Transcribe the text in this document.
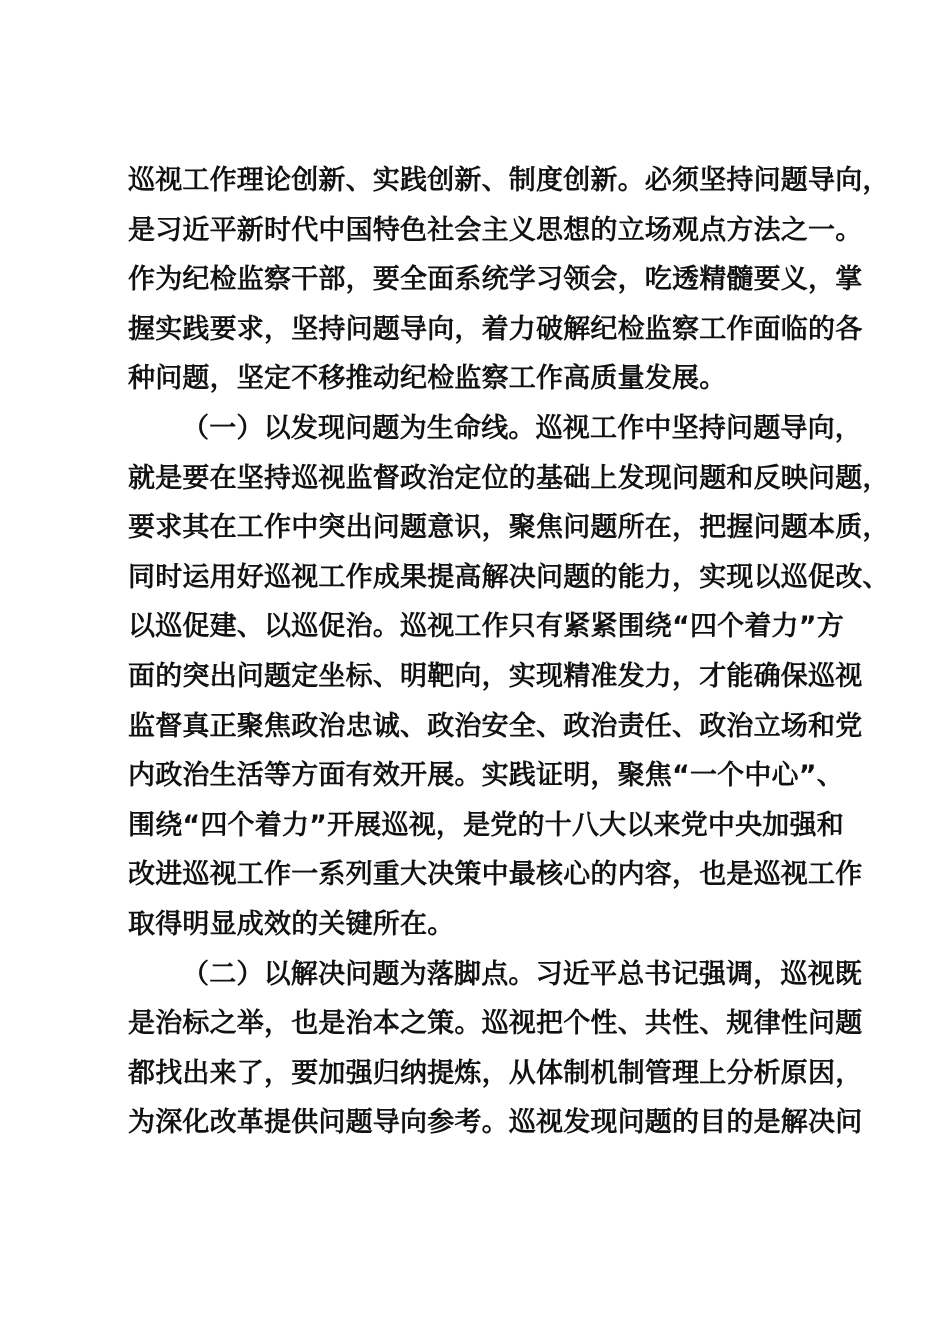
巡视工作理论创新、实践创新、制度创新。必须坚持问题导向，
是习近平新时代中国特色社会主义思想的立场观点方法之一。
作为纪检监察干部，要全面系统学习领会，吃透精髓要义，掌
握实践要求，坚持问题导向，着力破解纪检监察工作面临的各
种问题，坚定不移推动纪检监察工作高质量发展。
（一）以发现问题为生命线。巡视工作中坚持问题导向，
就是要在坚持巡视监督政治定位的基础上发现问题和反映问题，
要求其在工作中突出问题意识，聚焦问题所在，把握问题本质，
同时运用好巡视工作成果提高解决问题的能力，实现以巡促改、
以巡促建、以巡促治。巡视工作只有紧紧围绕“四个着力”方
面的突出问题定坐标、明靶向，实现精准发力，才能确保巡视
监督真正聚焦政治忠诚、政治安全、政治责任、政治立场和党
内政治生活等方面有效开展。实践证明，聚焦“一个中心”、
围绕“四个着力”开展巡视，是党的十八大以来党中央加强和
改进巡视工作一系列重大决策中最核心的内容，也是巡视工作
取得明显成效的关键所在。
（二）以解决问题为落脚点。习近平总书记强调，巡视既
是治标之举，也是治本之策。巡视把个性、共性、规律性问题
都找出来了，要加强归纳提炼，从体制机制管理上分析原因，
为深化改革提供问题导向参考。巡视发现问题的目的是解决问
